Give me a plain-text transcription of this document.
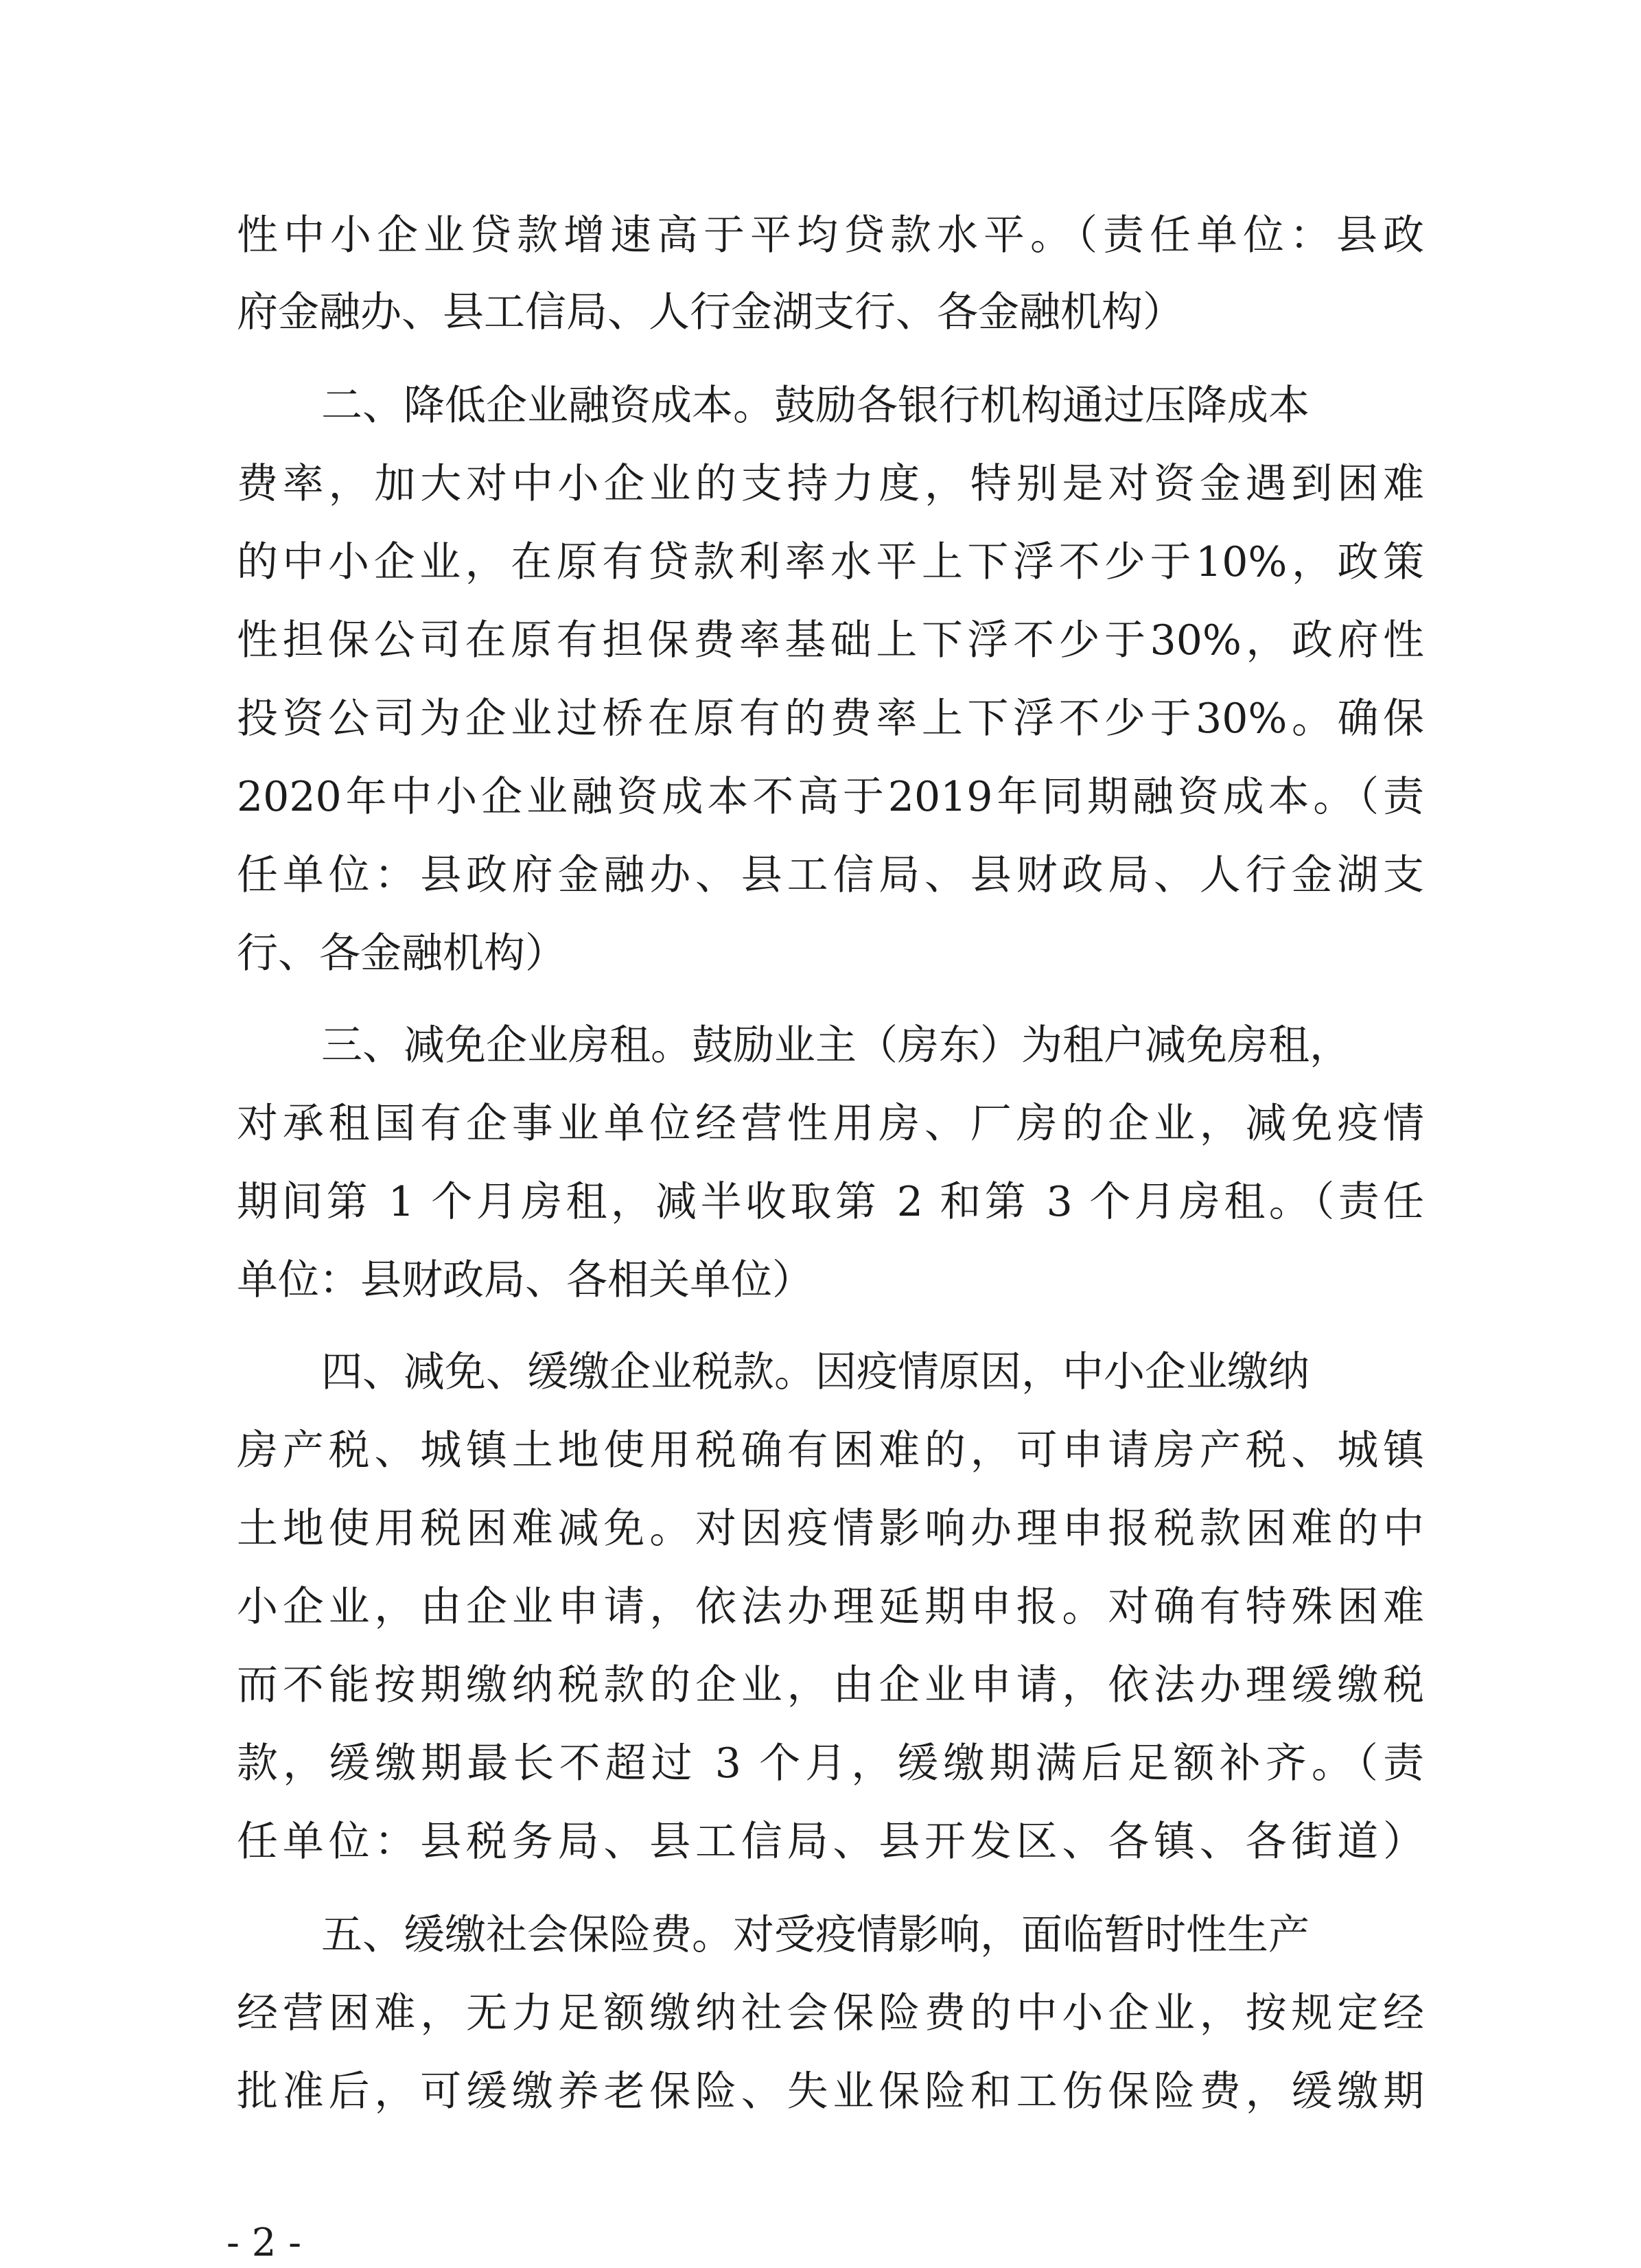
性中小企业贷款增速高于平均贷款水平。（责任单位：县政
府金融办、县工信局、人行金湖支行、各金融机构）
二、降低企业融资成本。鼓励各银行机构通过压降成本
费率，加大对中小企业的支持力度，特别是对资金遇到困难
的中小企业，在原有贷款利率水平上下浮不少于10%，政策
性担保公司在原有担保费率基础上下浮不少于30%，政府性
投资公司为企业过桥在原有的费率上下浮不少于30%。确保
2020年中小企业融资成本不高于2019年同期融资成本。（责
任单位：县政府金融办、县工信局、县财政局、人行金湖支
行、各金融机构）
三、减免企业房租。鼓励业主（房东）为租户减免房租，
对承租国有企事业单位经营性用房、厂房的企业，减免疫情
期间第 1 个月房租，减半收取第 2 和第 3 个月房租。（责任
单位：县财政局、各相关单位）
四、减免、缓缴企业税款。因疫情原因，中小企业缴纳
房产税、城镇土地使用税确有困难的，可申请房产税、城镇
土地使用税困难减免。对因疫情影响办理申报税款困难的中
小企业，由企业申请，依法办理延期申报。对确有特殊困难
而不能按期缴纳税款的企业，由企业申请，依法办理缓缴税
款，缓缴期最长不超过 3 个月，缓缴期满后足额补齐。（责
任单位：县税务局、县工信局、县开发区、各镇、各街道）
五、缓缴社会保险费。对受疫情影响，面临暂时性生产
经营困难，无力足额缴纳社会保险费的中小企业，按规定经
批准后，可缓缴养老保险、失业保险和工伤保险费，缓缴期
- 2 -
